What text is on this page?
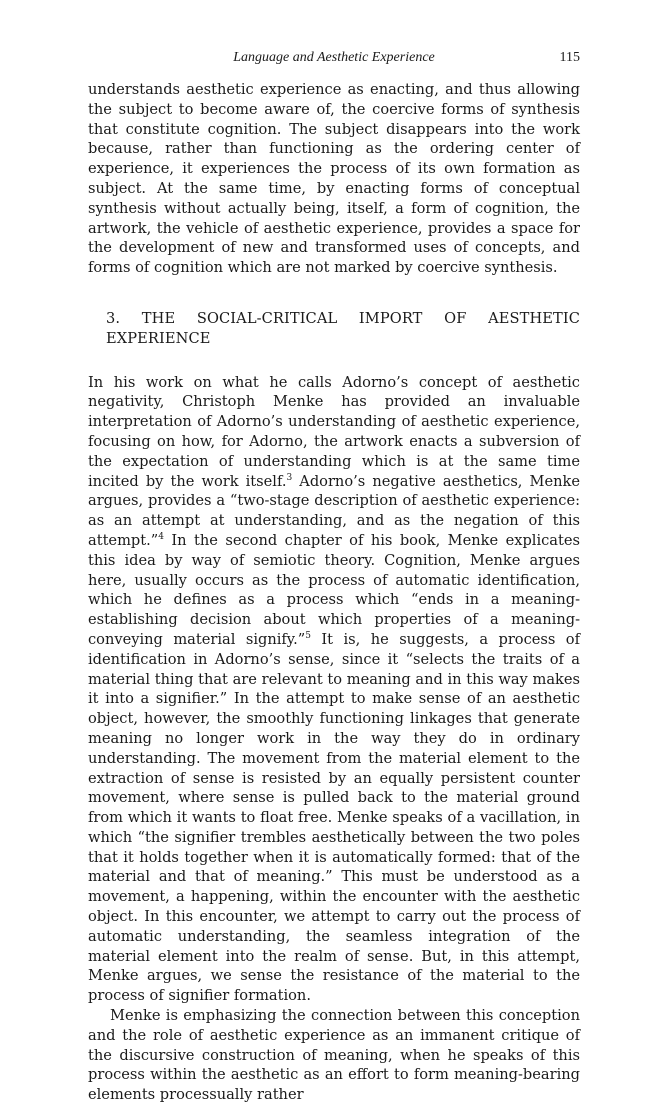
Language and Aesthetic Experience	115

understands aesthetic experience as enacting, and thus allowing the subject to become aware of, the coercive forms of synthesis that constitute cognition. The subject disappears into the work because, rather than functioning as the ordering center of experience, it experiences the process of its own formation as subject. At the same time, by enacting forms of conceptual synthesis without actually being, itself, a form of cognition, the artwork, the vehicle of aesthetic experience, provides a space for the development of new and transformed uses of concepts, and forms of cognition which are not marked by coercive synthesis.

3. THE SOCIAL-CRITICAL IMPORT OF AESTHETIC EXPERIENCE

In his work on what he calls Adorno’s concept of aesthetic negativity, Christoph Menke has provided an invaluable interpretation of Adorno’s understanding of aesthetic experience, focusing on how, for Adorno, the artwork enacts a subversion of the expectation of understanding which is at the same time incited by the work itself.$^3$ Adorno’s negative aesthetics, Menke argues, provides a “two-stage description of aesthetic experience: as an attempt at understanding, and as the negation of this attempt.”$^4$ In the second chapter of his book, Menke explicates this idea by way of semiotic theory. Cognition, Menke argues here, usually occurs as the process of automatic identification, which he defines as a process which “ends in a meaning-establishing decision about which properties of a meaning-conveying material signify.”$^5$ It is, he suggests, a process of identification in Adorno’s sense, since it “selects the traits of a material thing that are relevant to meaning and in this way makes it into a signifier.” In the attempt to make sense of an aesthetic object, however, the smoothly functioning linkages that generate meaning no longer work in the way they do in ordinary understanding. The movement from the material element to the extraction of sense is resisted by an equally persistent counter movement, where sense is pulled back to the material ground from which it wants to float free. Menke speaks of a vacillation, in which “the signifier trembles aesthetically between the two poles that it holds together when it is automatically formed: that of the material and that of meaning.” This must be understood as a movement, a happening, within the encounter with the aesthetic object. In this encounter, we attempt to carry out the process of automatic understanding, the seamless integration of the material element into the realm of sense. But, in this attempt, Menke argues, we sense the resistance of the material to the process of signifier formation.

Menke is emphasizing the connection between this conception and the role of aesthetic experience as an immanent critique of the discursive construction of meaning, when he speaks of this process within the aesthetic as an effort to form meaning-bearing elements processually rather
